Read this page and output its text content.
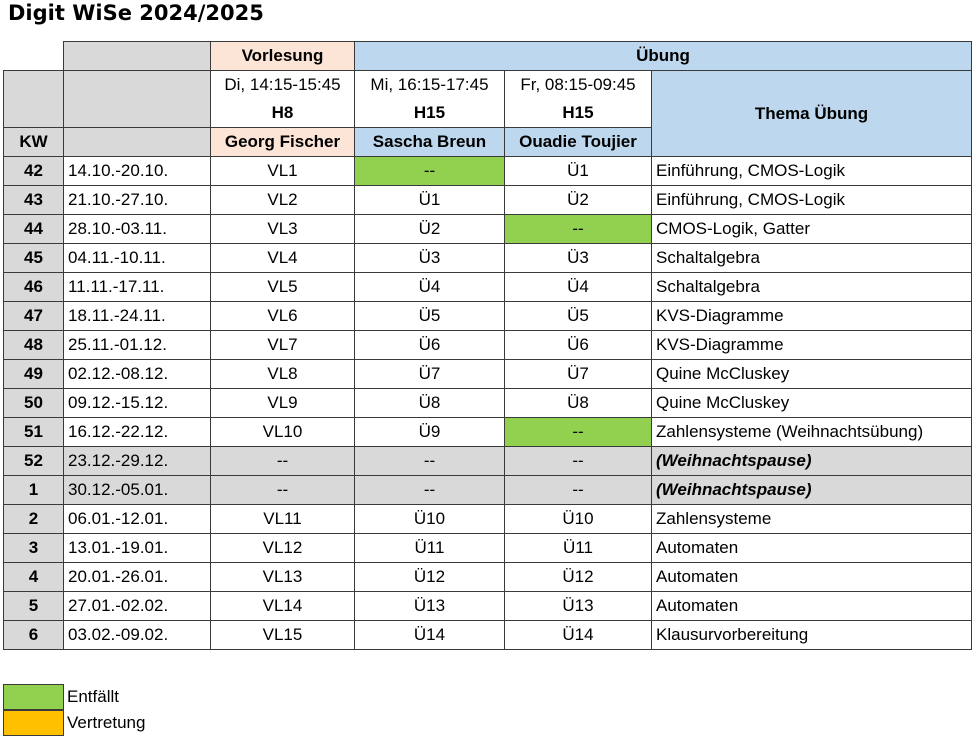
Digit WiSe 2024/2025
		Vorlesung	Übung		
		Di, 14:15-15:45	Mi, 16:15-17:45	Fr, 08:15-09:45	Thema Übung
		H8	H15	H15	
KW		Georg Fischer	Sascha Breun	Ouadie Toujier	
42	14.10.-20.10.	VL1	--	Ü1	Einführung, CMOS-Logik
43	21.10.-27.10.	VL2	Ü1	Ü2	Einführung, CMOS-Logik
44	28.10.-03.11.	VL3	Ü2	--	CMOS-Logik, Gatter
45	04.11.-10.11.	VL4	Ü3	Ü3	Schaltalgebra
46	11.11.-17.11.	VL5	Ü4	Ü4	Schaltalgebra
47	18.11.-24.11.	VL6	Ü5	Ü5	KVS-Diagramme
48	25.11.-01.12.	VL7	Ü6	Ü6	KVS-Diagramme
49	02.12.-08.12.	VL8	Ü7	Ü7	Quine McCluskey
50	09.12.-15.12.	VL9	Ü8	Ü8	Quine McCluskey
51	16.12.-22.12.	VL10	Ü9	--	Zahlensysteme (Weihnachtsübung)
52	23.12.-29.12.	--	--	--	(Weihnachtspause)
1	30.12.-05.01.	--	--	--	(Weihnachtspause)
2	06.01.-12.01.	VL11	Ü10	Ü10	Zahlensysteme
3	13.01.-19.01.	VL12	Ü11	Ü11	Automaten
4	20.01.-26.01.	VL13	Ü12	Ü12	Automaten
5	27.01.-02.02.	VL14	Ü13	Ü13	Automaten
6	03.02.-09.02.	VL15	Ü14	Ü14	Klausurvorbereitung
Entfällt
Vertretung
